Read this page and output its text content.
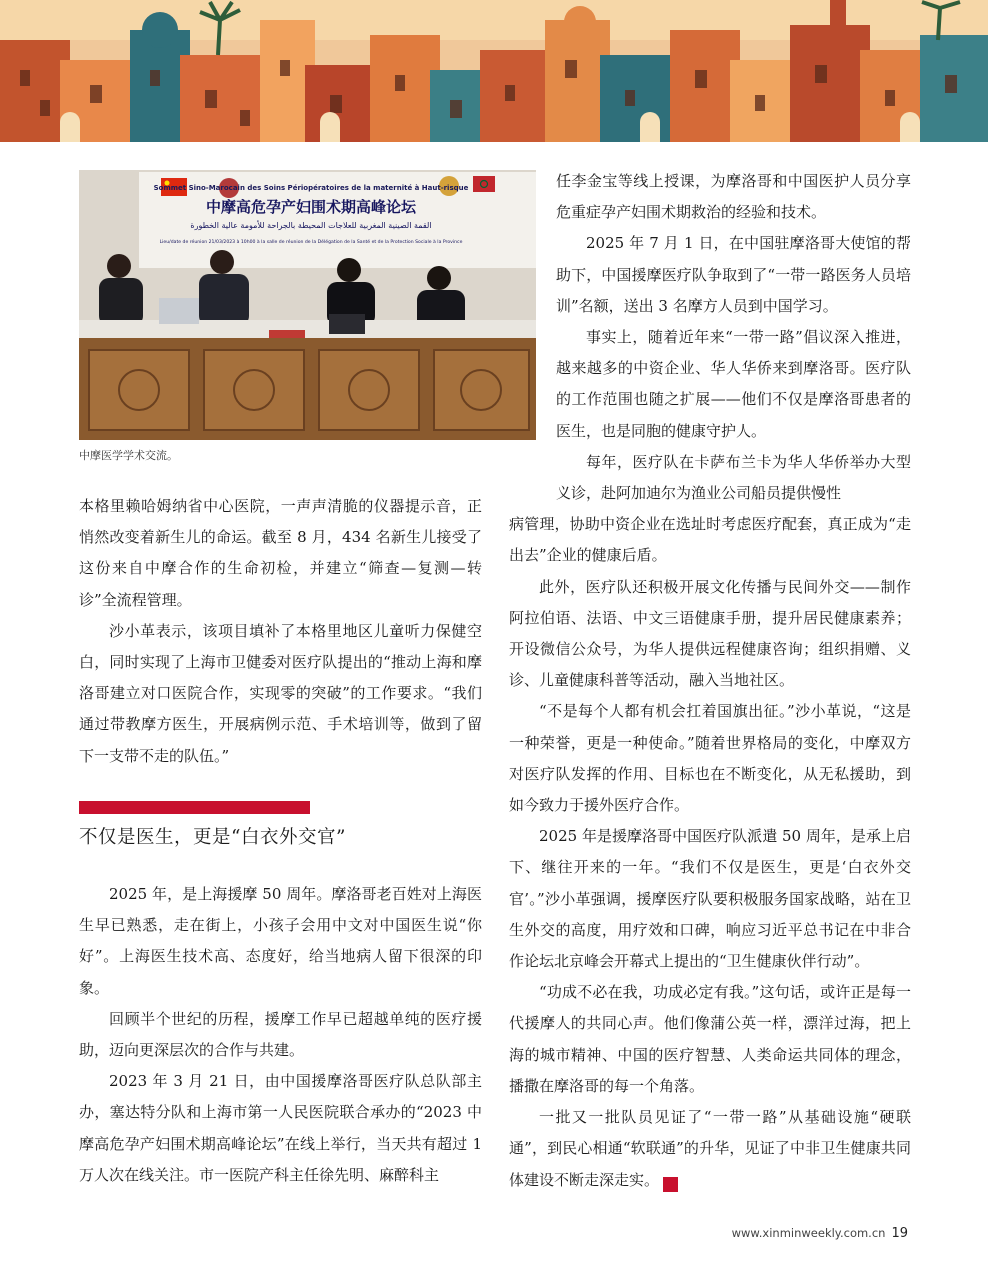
Sommet Sino-Marocain des Soins Périopératoires de la maternité à Haut-risque
中摩高危孕产妇围术期高峰论坛
القمة الصينية المغربية للعلاجات المحيطة بالجراحة للأمومة عالية الخطورة
Lieu/date de réunion 21/03/2023 à 10h00 à la salle de réunion de la Délégation de la Santé et de la Protection Sociale à la Province
中摩医学学术交流。

本格里赖哈姆纳省中心医院，一声声清脆的仪器提示音，正悄然改变着新生儿的命运。截至 8 月，434 名新生儿接受了这份来自中摩合作的生命初检，并建立“筛查—复测—转诊”全流程管理。

沙小革表示，该项目填补了本格里地区儿童听力保健空白，同时实现了上海市卫健委对医疗队提出的“推动上海和摩洛哥建立对口医院合作，实现零的突破”的工作要求。“我们通过带教摩方医生，开展病例示范、手术培训等，做到了留下一支带不走的队伍。”

不仅是医生，更是“白衣外交官”

2025 年，是上海援摩 50 周年。摩洛哥老百姓对上海医生早已熟悉，走在街上，小孩子会用中文对中国医生说“你好”。上海医生技术高、态度好，给当地病人留下很深的印象。

回顾半个世纪的历程，援摩工作早已超越单纯的医疗援助，迈向更深层次的合作与共建。

2023 年 3 月 21 日，由中国援摩洛哥医疗队总队部主办，塞达特分队和上海市第一人民医院联合承办的“2023 中摩高危孕产妇围术期高峰论坛”在线上举行，当天共有超过 1 万人次在线关注。市一医院产科主任徐先明、麻醉科主

任李金宝等线上授课，为摩洛哥和中国医护人员分享危重症孕产妇围术期救治的经验和技术。

2025 年 7 月 1 日，在中国驻摩洛哥大使馆的帮助下，中国援摩医疗队争取到了“一带一路医务人员培训”名额，送出 3 名摩方人员到中国学习。

事实上，随着近年来“一带一路”倡议深入推进，越来越多的中资企业、华人华侨来到摩洛哥。医疗队的工作范围也随之扩展——他们不仅是摩洛哥患者的医生，也是同胞的健康守护人。

每年，医疗队在卡萨布兰卡为华人华侨举办大型义诊，赴阿加迪尔为渔业公司船员提供慢性

病管理，协助中资企业在选址时考虑医疗配套，真正成为“走出去”企业的健康后盾。

此外，医疗队还积极开展文化传播与民间外交——制作阿拉伯语、法语、中文三语健康手册，提升居民健康素养；开设微信公众号，为华人提供远程健康咨询；组织捐赠、义诊、儿童健康科普等活动，融入当地社区。

“不是每个人都有机会扛着国旗出征。”沙小革说，“这是一种荣誉，更是一种使命。”随着世界格局的变化，中摩双方对医疗队发挥的作用、目标也在不断变化，从无私援助，到如今致力于援外医疗合作。

2025 年是援摩洛哥中国医疗队派遣 50 周年，是承上启下、继往开来的一年。“我们不仅是医生，更是‘白衣外交官’。”沙小革强调，援摩医疗队要积极服务国家战略，站在卫生外交的高度，用疗效和口碑，响应习近平总书记在中非合作论坛北京峰会开幕式上提出的“卫生健康伙伴行动”。

“功成不必在我，功成必定有我。”这句话，或许正是每一代援摩人的共同心声。他们像蒲公英一样，漂洋过海，把上海的城市精神、中国的医疗智慧、人类命运共同体的理念，播撒在摩洛哥的每一个角落。

一批又一批队员见证了“一带一路”从基础设施“硬联通”，到民心相通“软联通”的升华，见证了中非卫生健康共同体建设不断走深走实。	民

www.xinminweekly.com.cn 19
